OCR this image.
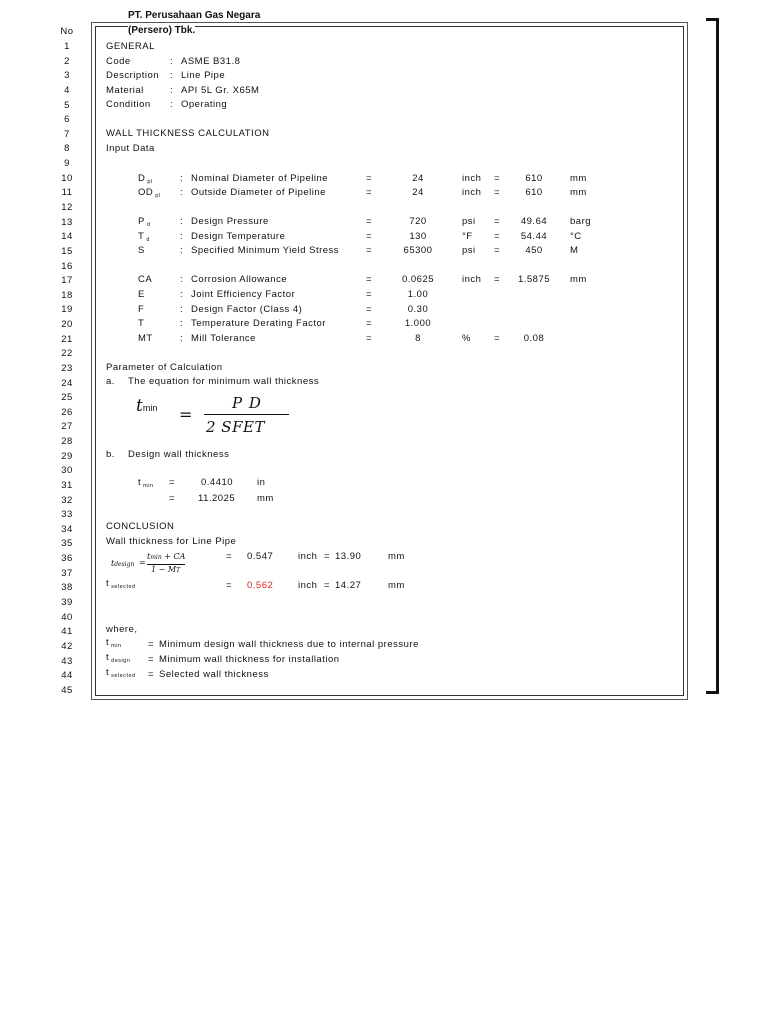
PT. Perusahaan Gas Negara
(Persero) Tbk.
No
1
2
3
4
5
6
7
8
9
10
11
12
13
14
15
16
17
18
19
20
21
22
23
24
25
26
27
28
29
30
31
32
33
34
35
36
37
38
39
40
41
42
43
44
45
GENERAL
Code	: ASME B31.8
Description : Line Pipe
Material	: API 5L Gr. X65M
Condition : Operating
WALL THICKNESS CALCULATION
Input Data
D $_{pl}$	: Nominal Diameter of Pipeline	=	24	inch =	610	mm
OD $_{pl}$ : Outside Diameter of Pipeline	=	24	inch =	610	mm
P $_d$	: Design Pressure	=	720	psi =	49.64	barg
T $_d$	: Design Temperature	=	130	°F =	54.44	°C
S	: Specified Minimum Yield Stress	=	65300	psi =	450	M
CA	: Corrosion Allowance	=	0.0625	inch =	1.5875	mm
E	: Joint Efficiency Factor	=	1.00
F	: Design Factor (Class 4)	=	0.30
T	: Temperature Derating Factor	=	1.000
MT	: Mill Tolerance	=	8	% =	0.08
Parameter of Calculation
a. The equation for minimum wall thickness
tmin =
P D
2 SFET
b. Design wall thickness
t $_{min}$ =	0.4410	in
= 11.2025 mm
CONCLUSION
Wall thickness for Line Pipe
tdesign =
tmin + CA
1 − MT
= 0.547	inch = 13.90	mm
t $_{selected}$	= 0.562	inch = 14.27	mm
where,
t $_{min}$	= Minimum design wall thickness due to internal pressure
t $_{design}$ = Minimum wall thickness for installation
t $_{selected}$ = Selected wall thickness
